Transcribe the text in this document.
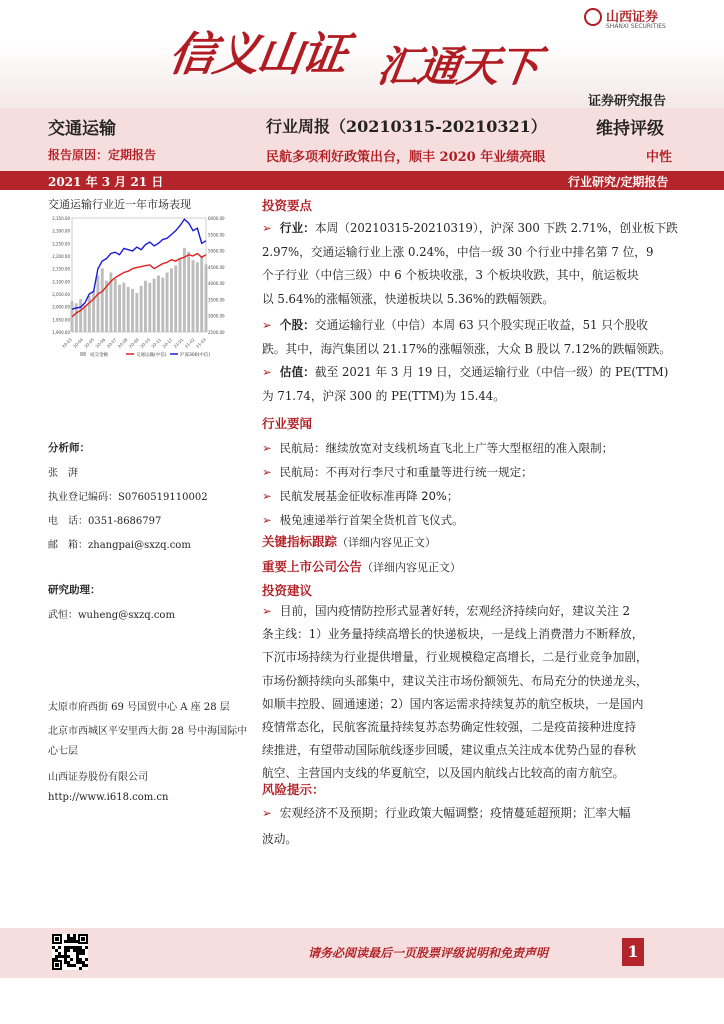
信义山证 汇通天下
山西证券
SHANXI SECURITIES
证券研究报告
交通运输
报告原因：定期报告
行业周报（20210315-20210321）	维持评级
民航多项利好政策出台，顺丰 2020 年业绩亮眼	中性
2021 年 3 月 21 日	行业研究/定期报告
交通运输行业近一年市场表现
2,350.00
2,300.00
2,250.00
2,200.00
2,150.00
2,100.00
2,050.00
2,000.00
1,950.00
1,900.00
6000.00
5500.00
5000.00
4500.00
4000.00
3500.00
3000.00
2500.00
20-03 20-04 20-05 20-06 20-07 20-08 20-09 20-10 20-11 20-12 21-01 21-02 21-03
成交金额	交通运输(中信)	沪深300(中信)
分析师：
张　湃
执业登记编码：S0760519110002
电　话：0351-8686797
邮　箱：zhangpai@sxzq.com
研究助理：
武恒：wuheng@sxzq.com
太原市府西街 69 号国贸中心 A 座 28 层
北京市西城区平安里西大街 28 号中海国际中心七层
山西证券股份有限公司
http://www.i618.com.cn
投资要点
➢ 行业：本周（20210315-20210319），沪深 300 下跌 2.71%，创业板下跌
2.97%，交通运输行业上涨 0.24%，中信一级 30 个行业中排名第 7 位，9
个子行业（中信三级）中 6 个板块收涨，3 个板块收跌，其中，航运板块
以 5.64%的涨幅领涨，快递板块以 5.36%的跌幅领跌。
➢ 个股：交通运输行业（中信）本周 63 只个股实现正收益，51 只个股收
跌。其中，海汽集团以 21.17%的涨幅领涨，大众 B 股以 7.12%的跌幅领跌。
➢ 估值：截至 2021 年 3 月 19 日，交通运输行业（中信一级）的 PE(TTM)
为 71.74，沪深 300 的 PE(TTM)为 15.44。
行业要闻
➢ 民航局：继续放宽对支线机场直飞北上广等大型枢纽的准入限制；
➢ 民航局：不再对行李尺寸和重量等进行统一规定；
➢ 民航发展基金征收标准再降 20%；
➢ 极兔速递举行首架全货机首飞仪式。
关键指标跟踪（详细内容见正文）
重要上市公司公告（详细内容见正文）
投资建议
➢ 目前，国内疫情防控形式显著好转，宏观经济持续向好，建议关注 2
条主线：1）业务量持续高增长的快递板块，一是线上消费潜力不断释放，
下沉市场持续为行业提供增量，行业规模稳定高增长，二是行业竞争加剧，
市场份额持续向头部集中，建议关注市场份额领先、布局充分的快递龙头，
如顺丰控股、圆通速递；2）国内客运需求持续复苏的航空板块，一是国内
疫情常态化，民航客流量持续复苏态势确定性较强，二是疫苗接种进度持
续推进，有望带动国际航线逐步回暖，建议重点关注成本优势凸显的春秋
航空、主营国内支线的华夏航空，以及国内航线占比较高的南方航空。
风险提示：
➢ 宏观经济不及预期；行业政策大幅调整；疫情蔓延超预期；汇率大幅
波动。
请务必阅读最后一页股票评级说明和免责声明	1
